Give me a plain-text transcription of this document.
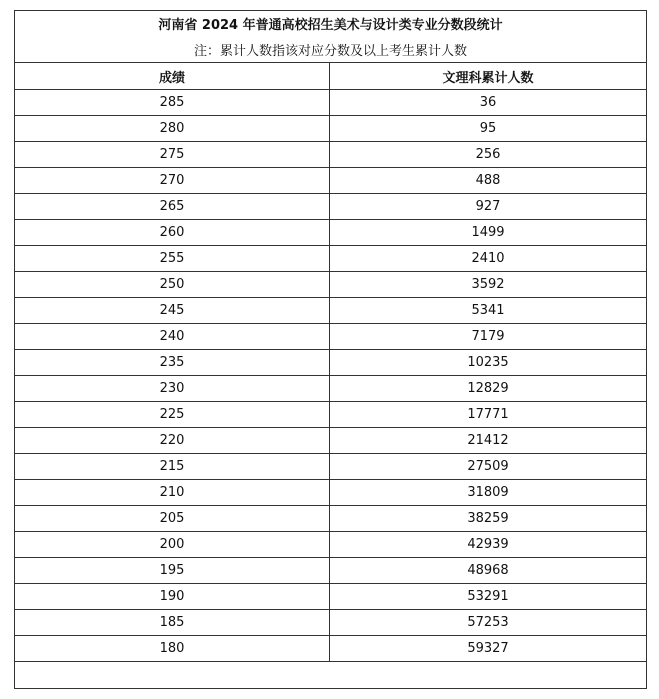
河南省 2024 年普通高校招生美术与设计类专业分数段统计	
注：累计人数指该对应分数及以上考生累计人数	
成绩	文理科累计人数
285	36
280	95
275	256
270	488
265	927
260	1499
255	2410
250	3592
245	5341
240	7179
235	10235
230	12829
225	17771
220	21412
215	27509
210	31809
205	38259
200	42939
195	48968
190	53291
185	57253
180	59327
